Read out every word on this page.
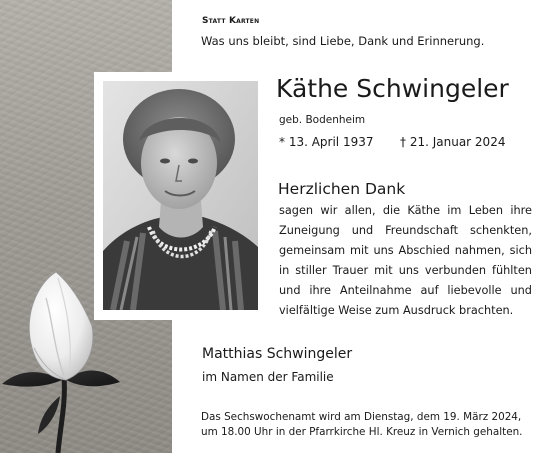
Statt Karten
Was uns bleibt, sind Liebe, Dank und Erinnerung.
Käthe Schwingeler
geb. Bodenheim
* 13. April 1937 † 21. Januar 2024
Herzlichen Dank
sagen wir allen, die Käthe im Leben ihre
Zuneigung und Freundschaft schenkten,
gemeinsam mit uns Abschied nahmen, sich
in stiller Trauer mit uns verbunden fühlten
und ihre Anteilnahme auf liebevolle und
vielfältige Weise zum Ausdruck brachten.
Matthias Schwingeler
im Namen der Familie
Das Sechswochenamt wird am Dienstag, dem 19. März 2024,
um 18.00 Uhr in der Pfarrkirche Hl. Kreuz in Vernich gehalten.
